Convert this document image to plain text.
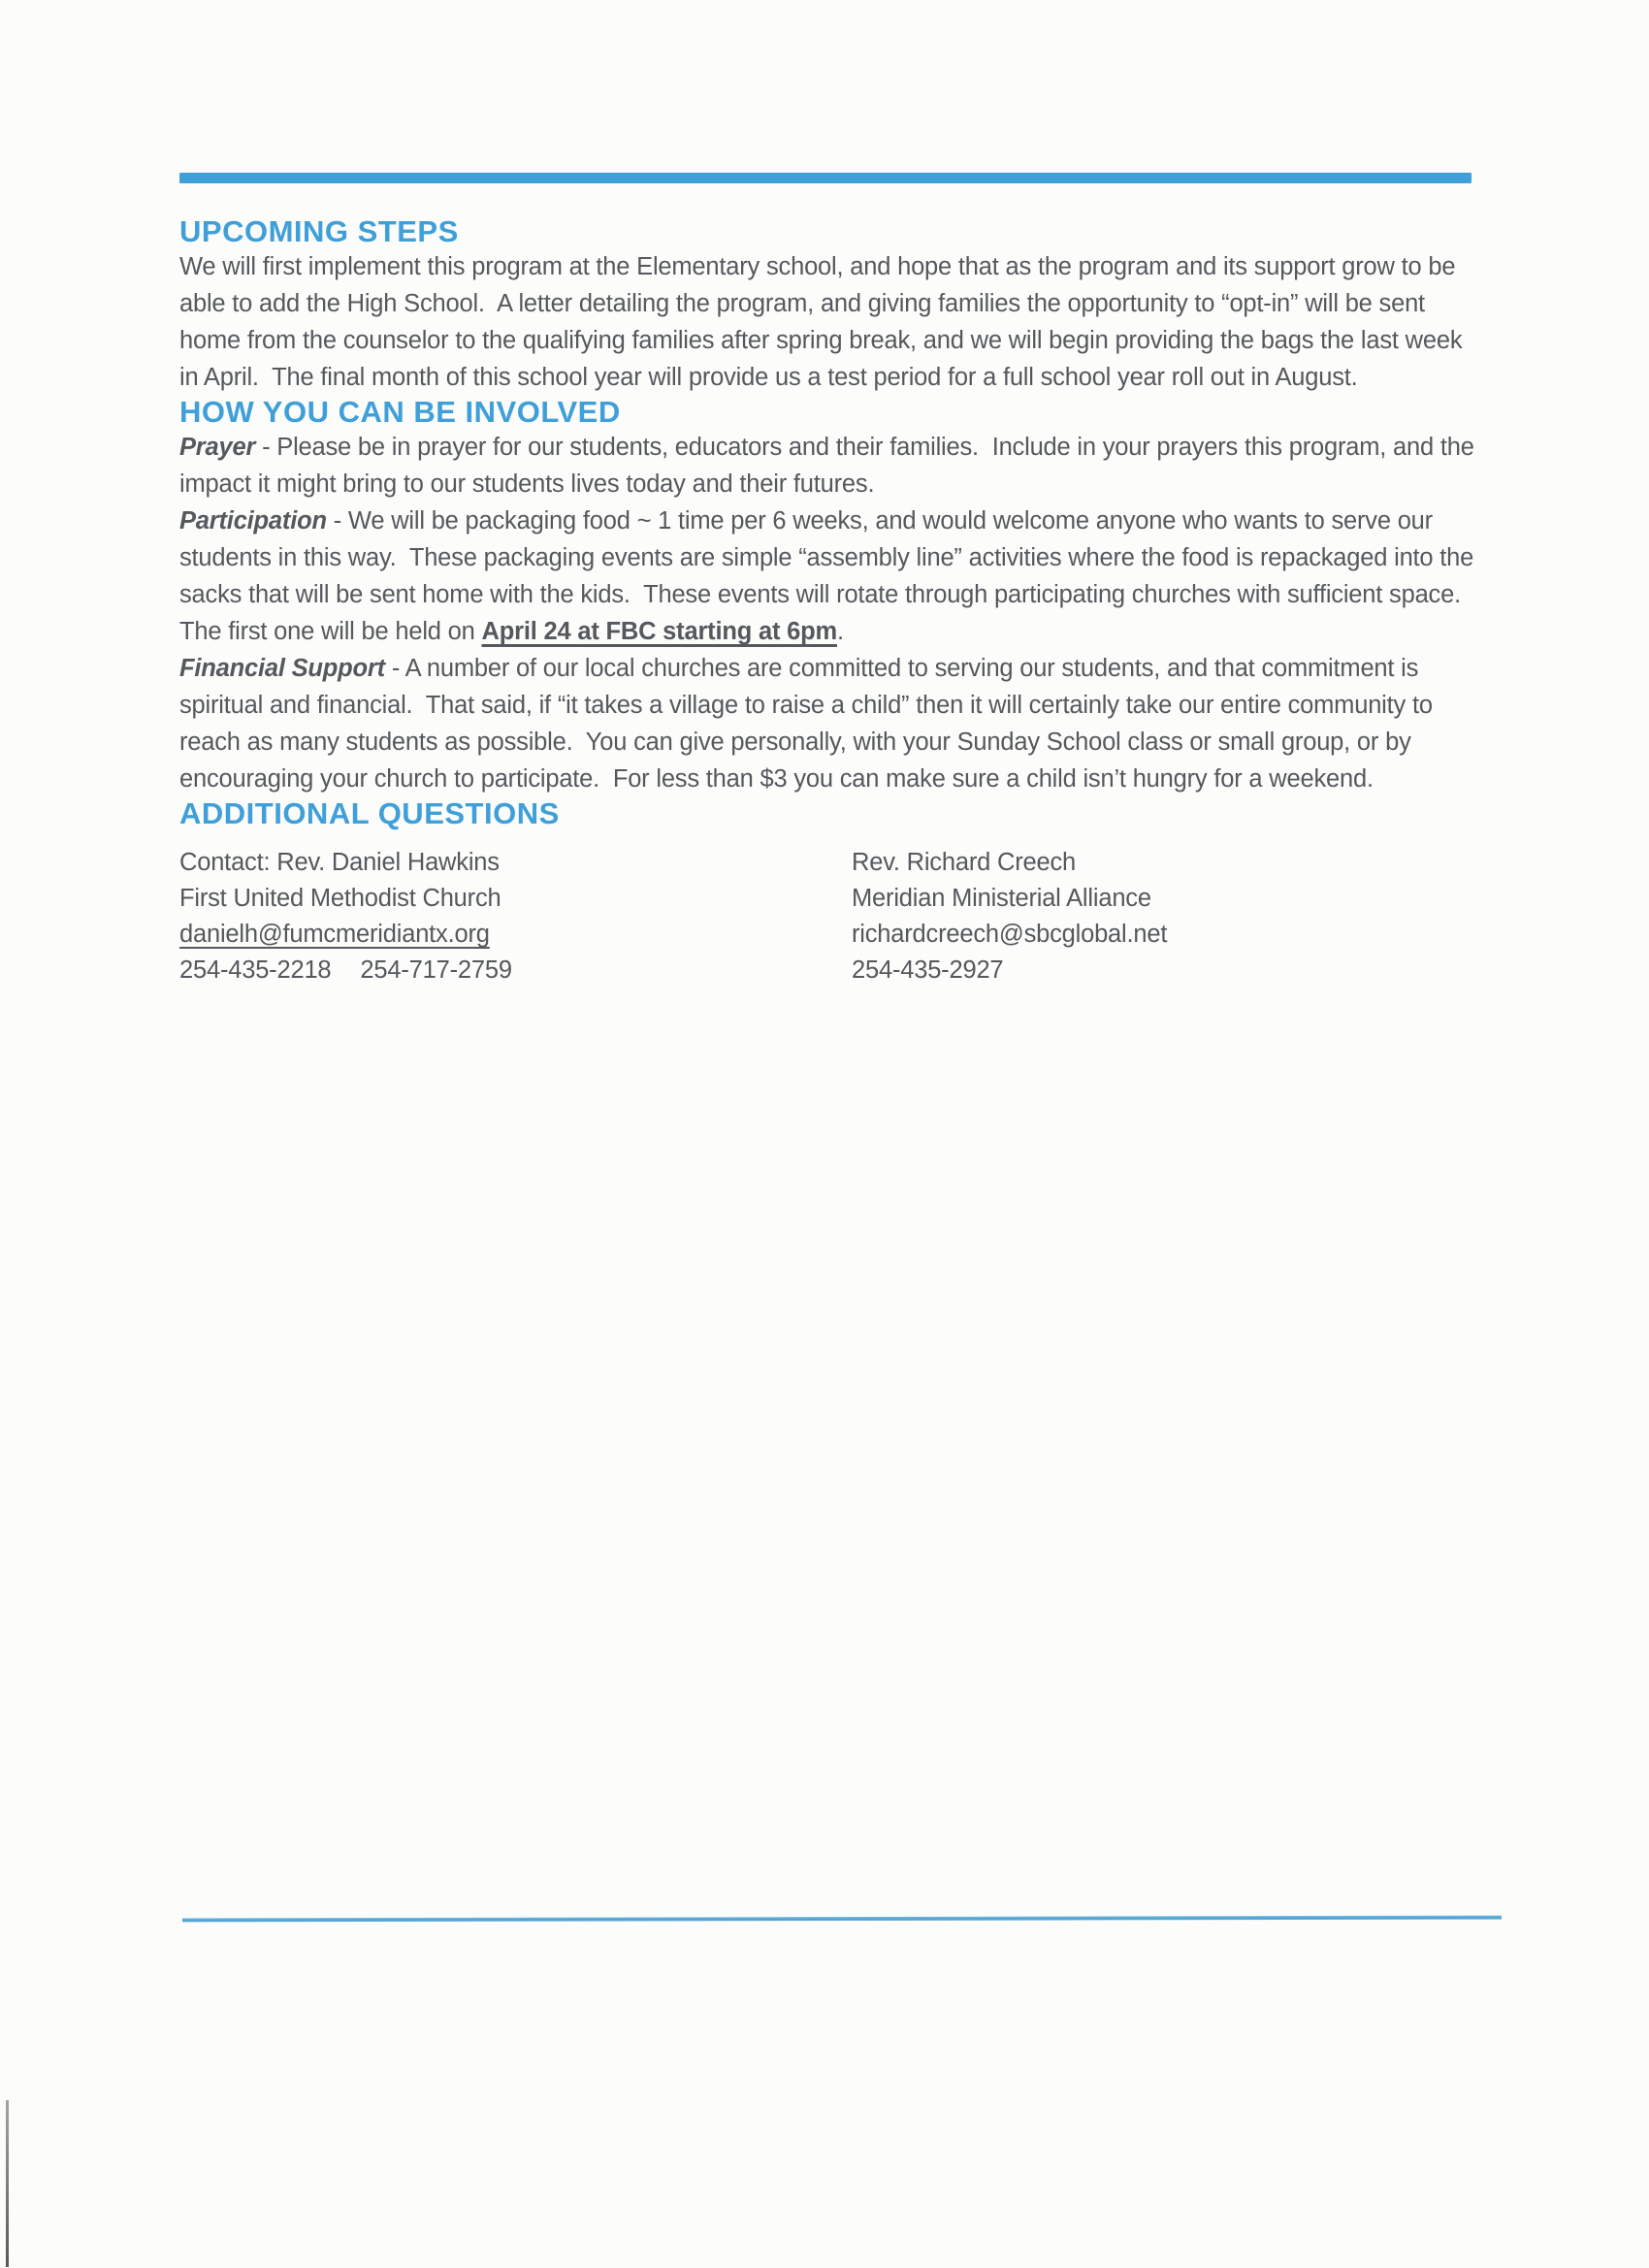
UPCOMING STEPS

We will first implement this program at the Elementary school, and hope that as the program and its support grow to be able to add the High School.  A letter detailing the program, and giving families the opportunity to “opt-in” will be sent home from the counselor to the qualifying families after spring break, and we will begin providing the bags the last week in April.  The final month of this school year will provide us a test period for a full school year roll out in August.

HOW YOU CAN BE INVOLVED

Prayer - Please be in prayer for our students, educators and their families.  Include in your prayers this program, and the impact it might bring to our students lives today and their futures.

Participation - We will be packaging food ~ 1 time per 6 weeks, and would welcome anyone who wants to serve our students in this way.  These packaging events are simple “assembly line” activities where the food is repackaged into the sacks that will be sent home with the kids.  These events will rotate through participating churches with sufficient space.  The first one will be held on April 24 at FBC starting at 6pm.

Financial Support - A number of our local churches are committed to serving our students, and that commitment is spiritual and financial.  That said, if “it takes a village to raise a child” then it will certainly take our entire community to reach as many students as possible.  You can give personally, with your Sunday School class or small group, or by encouraging your church to participate.  For less than $3 you can make sure a child isn’t hungry for a weekend.

ADDITIONAL QUESTIONS
Contact: Rev. Daniel Hawkins
First United Methodist Church
danielh@fumcmeridiantx.org
254-435-2218 254-717-2759
Rev. Richard Creech
Meridian Ministerial Alliance
richardcreech@sbcglobal.net
254-435-2927
